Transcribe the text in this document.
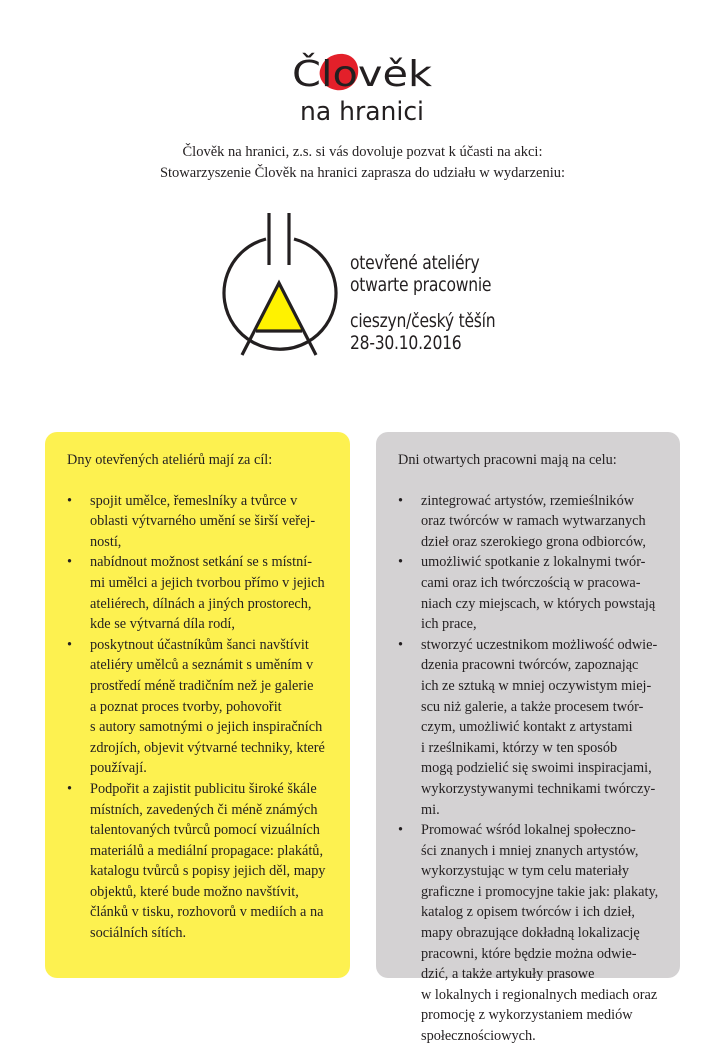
Člověk
na hranici
Člověk na hranici, z.s. si vás dovoluje pozvat k účasti na akci:
Stowarzyszenie Člověk na hranici zaprasza do udziału w wydarzeniu:
otevřené ateliéry
otwarte pracownie
cieszyn/český těšín
28-30.10.2016
Dny otevřených ateliérů mají za cíl:
• spojit umělce, řemeslníky a tvůrce v
oblasti výtvarného umění se širší veřej-
ností,
• nabídnout možnost setkání se s místní-
mi umělci a jejich tvorbou přímo v jejich
ateliérech, dílnách a jiných prostorech,
kde se výtvarná díla rodí,
• poskytnout účastníkům šanci navštívit
ateliéry umělců a seznámit s uměním v
prostředí méně tradičním než je galerie
a poznat proces tvorby, pohovořit
s autory samotnými o jejich inspiračních
zdrojích, objevit výtvarné techniky, které
používají.
• Podpořit a zajistit publicitu široké škále
místních, zavedených či méně známých
talentovaných tvůrců pomocí vizuálních
materiálů a mediální propagace: plakátů,
katalogu tvůrců s popisy jejich děl, mapy
objektů, které bude možno navštívit,
článků v tisku, rozhovorů v mediích a na
sociálních sítích.
Dni otwartych pracowni mają na celu:
• zintegrować artystów, rzemieślników
oraz twórców w ramach wytwarzanych
dzieł oraz szerokiego grona odbiorców,
• umożliwić spotkanie z lokalnymi twór-
cami oraz ich twórczością w pracowa-
niach czy miejscach, w których powstają
ich prace,
• stworzyć uczestnikom możliwość odwie-
dzenia pracowni twórców, zapoznając
ich ze sztuką w mniej oczywistym miej-
scu niż galerie, a także procesem twór-
czym, umożliwić kontakt z artystami
i rześlnikami, którzy w ten sposób
mogą podzielić się swoimi inspiracjami,
wykorzystywanymi technikami twórczy-
mi.
• Promować wśród lokalnej społeczno-
ści znanych i mniej znanych artystów,
wykorzystując w tym celu materiały
graficzne i promocyjne takie jak: plakaty,
katalog z opisem twórców i ich dzieł,
mapy obrazujące dokładną lokalizację
pracowni, które będzie można odwie-
dzić, a także artykuły prasowe
w lokalnych i regionalnych mediach oraz
promocję z wykorzystaniem mediów
społecznościowych.
